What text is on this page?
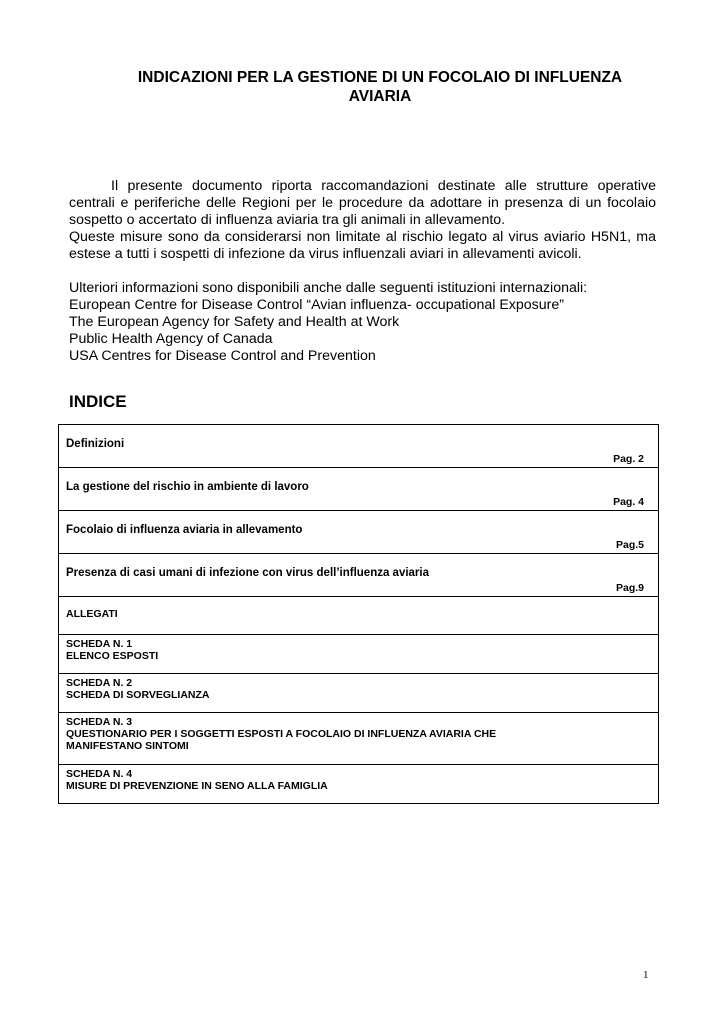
INDICAZIONI PER LA GESTIONE DI UN FOCOLAIO DI INFLUENZA
AVIARIA

Il presente documento riporta raccomandazioni destinate alle strutture operative centrali e periferiche delle Regioni per le procedure da adottare in presenza di un focolaio sospetto o accertato di influenza aviaria tra gli animali in allevamento.

Queste misure sono da considerarsi non limitate al rischio legato al virus aviario H5N1, ma estese a tutti i sospetti di infezione da virus influenzali aviari in allevamenti avicoli.

Ulteriori informazioni sono disponibili anche dalle seguenti istituzioni internazionali:

European Centre for Disease Control “Avian influenza- occupational Exposure”

The European Agency for Safety and Health at Work

Public Health Agency of Canada

USA Centres for Disease Control and Prevention

INDICE
Definizioni
Pag. 2

La gestione del rischio in ambiente di lavoro
Pag. 4

Focolaio di influenza aviaria in allevamento
Pag.5

Presenza di casi umani di infezione con virus dell’influenza aviaria
Pag.9

ALLEGATI

SCHEDA N. 1
ELENCO ESPOSTI

SCHEDA N. 2
SCHEDA DI SORVEGLIANZA

SCHEDA N. 3
QUESTIONARIO PER I SOGGETTI ESPOSTI A FOCOLAIO DI INFLUENZA AVIARIA CHE MANIFESTANO SINTOMI

SCHEDA N. 4
MISURE DI PREVENZIONE IN SENO ALLA FAMIGLIA
1
